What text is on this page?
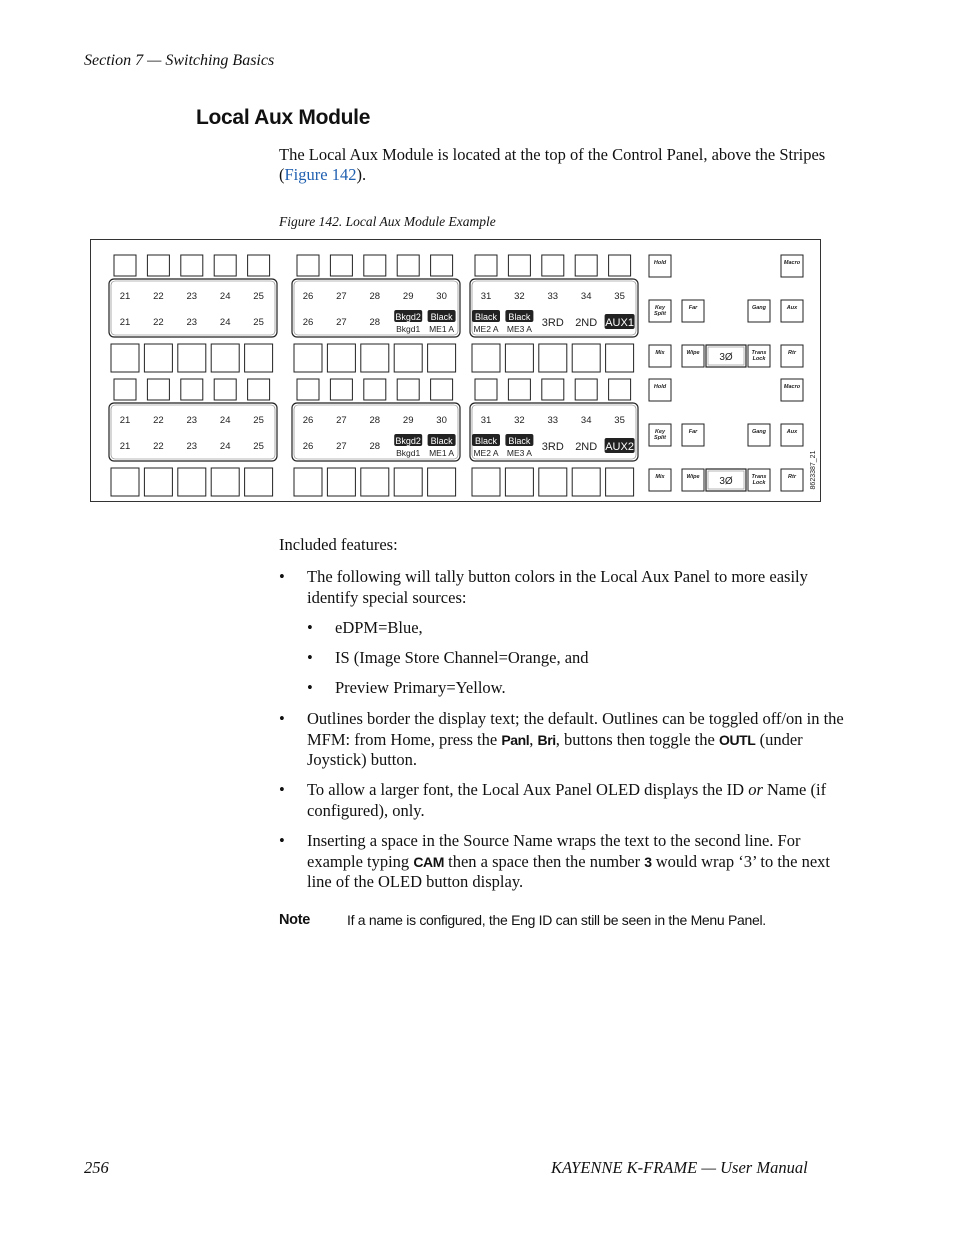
Section 7 — Switching Basics
Local Aux Module
The Local Aux Module is located at the top of the Control Panel, above the Stripes (Figure 142).
Figure 142. Local Aux Module Example
21 22 23 24 25
21 22 23 24 25
26 27 28 29 30
26 27 28 Bkgd2
Bkgd1
Black
ME1 A
31 32 33 34 35
Black
ME2 A
Black
ME3 A 3RD 2ND AUX1
Hold	Macro
Key
Split
Far	Gang	Aux
Mix	Wipe	Trans
Lock
Rtr
3Ø
21 22 23 24 25
21 22 23 24 25
26 27 28 29 30
26 27 28 Bkgd2
Bkgd1
Black
ME1 A
31 32 33 34 35
Black
ME2 A
Black
ME3 A 3RD 2ND AUX2
Hold	Macro
Key
Split
Far	Gang	Aux
Mix	Wipe	Trans
Lock
Rtr
3Ø	8623387_21
Included features:
• The following will tally button colors in the Local Aux Panel to more easily identify special sources:
• eDPM=Blue,
• IS (Image Store Channel=Orange, and
• Preview Primary=Yellow.
• Outlines border the display text; the default. Outlines can be toggled off/on in the MFM: from Home, press the Panl, Bri, buttons then toggle the OUTL (under Joystick) button.
• To allow a larger font, the Local Aux Panel OLED displays the ID or Name (if configured), only.
• Inserting a space in the Source Name wraps the text to the second line. For example typing CAM then a space then the number 3 would wrap ‘3’ to the next line of the OLED button display.
Note	If a name is configured, the Eng ID can still be seen in the Menu Panel.
256	KAYENNE K-FRAME — User Manual
